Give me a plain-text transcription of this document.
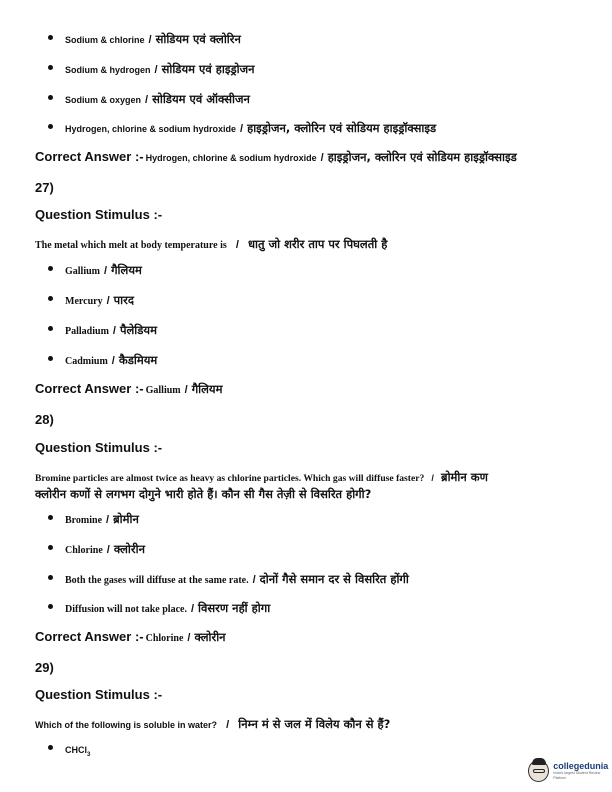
Sodium & chlorine / सोडियम एवं क्लोरिन
Sodium & hydrogen / सोडियम एवं हाइड्रोजन
Sodium & oxygen / सोडियम एवं ऑक्सीजन
Hydrogen, chlorine & sodium hydroxide / हाइड्रोजन, क्लोरिन एवं सोडियम हाइड्रॉक्साइड
Correct Answer :- Hydrogen, chlorine & sodium hydroxide / हाइड्रोजन, क्लोरिन एवं सोडियम हाइड्रॉक्साइड
27)
Question Stimulus :-
The metal which melt at body temperature is / धातु जो शरीर ताप पर पिघलती है
Gallium / गैलियम
Mercury / पारद
Palladium / पैलेडियम
Cadmium / कैडमियम
Correct Answer :- Gallium / गैलियम
28)
Question Stimulus :-
Bromine particles are almost twice as heavy as chlorine particles. Which gas will diffuse faster? / ब्रोमीन कण
क्लोरीन कणों से लगभग दोगुने भारी होते हैं। कौन सी गैस तेज़ी से विसरित होगी?
Bromine / ब्रोमीन
Chlorine / क्लोरीन
Both the gases will diffuse at the same rate. / दोनों गैसे समान दर से विसरित होंगी
Diffusion will not take place. / विसरण नहीं होगा
Correct Answer :- Chlorine / क्लोरीन
29)
Question Stimulus :-
Which of the following is soluble in water? / निम्न मं से जल में विलेय कौन से हैं?
CHCl$_3$
collegedunia
India's largest Student Review Platform
